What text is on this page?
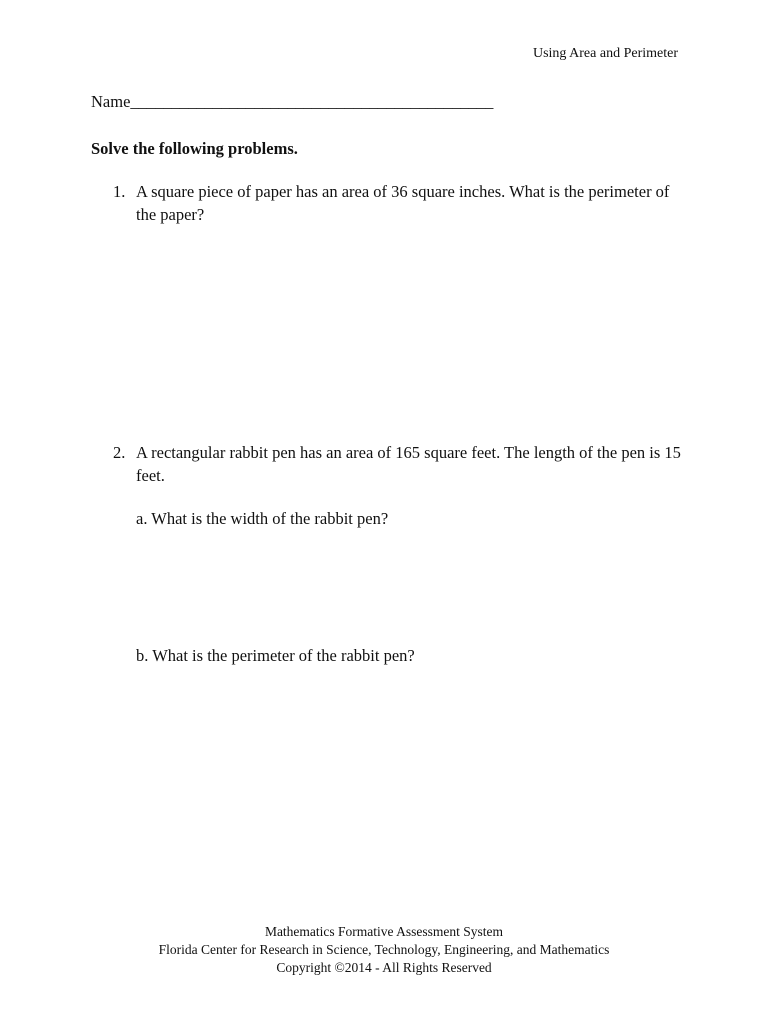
Using Area and Perimeter
Name____________________________________________
Solve the following problems.
1. A square piece of paper has an area of 36 square inches. What is the perimeter of the paper?
2. A rectangular rabbit pen has an area of 165 square feet. The length of the pen is 15 feet.
a. What is the width of the rabbit pen?
b. What is the perimeter of the rabbit pen?
Mathematics Formative Assessment System
Florida Center for Research in Science, Technology, Engineering, and Mathematics
Copyright ©2014 - All Rights Reserved
